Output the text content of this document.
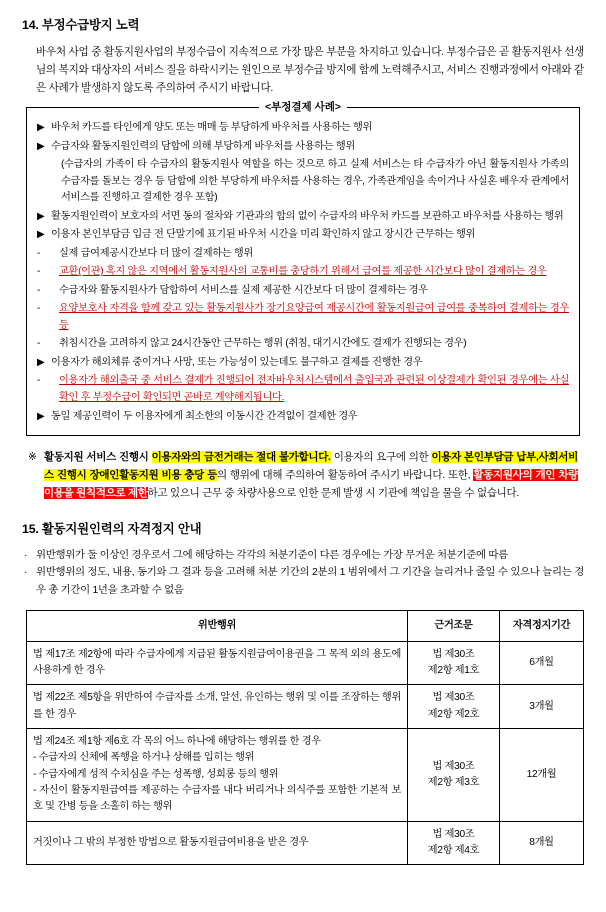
14. 부정수급방지 노력

바우처 사업 중 활동지원사업의 부정수급이 지속적으로 가장 많은 부분을 차지하고 있습니다. 부정수급은 곧 활동지원사 선생님의 복지와 대상자의 서비스 질을 하락시키는 원인으로 부정수급 방지에 함께 노력해주시고, 서비스 진행과정에서 아래와 같은 사례가 발생하지 않도록 주의하여 주시기 바랍니다.

<부정결제 사례>
▶ 바우처 카드를 타인에게 양도 또는 매매 등 부당하게 바우처를 사용하는 행위
▶ 수급자와 활동지원인력의 담합에 의해 부당하게 바우처를 사용하는 행위
(수급자의 가족이 타 수급자의 활동지원사 역할을 하는 것으로 하고 실제 서비스는 타 수급자가 아닌 활동지원사 가족의 수급자를 돌보는 경우 등 담합에 의한 부당하게 바우처를 사용하는 경우, 가족관계임을 속이거나 사실혼 배우자 관계에서 서비스를 진행하고 결제한 경우 포함)
▶ 활동지원인력이 보호자의 서면 동의 절차와 기관과의 합의 없이 수급자의 바우처 카드를 보관하고 바우처를 사용하는 행위
▶ 이용자 본인부담금 입금 전 단말기에 표기된 바우처 시간을 미리 확인하지 않고 장시간 근무하는 행위
- 실제 급여제공시간보다 더 많이 결제하는 행위
- 교환(이관) 혹지 않은 지역에서 활동지원사의 교통비를 충당하기 위해서 급여를 제공한 시간보다 많이 결제하는 경우
- 수급자와 활동지원사가 담합하여 서비스를 실제 제공한 시간보다 더 많이 결제하는 경우
- 요양보호사 자격을 함께 갖고 있는 활동지원사가 장기요양급여 제공시간에 활동지원급여 급여를 중복하여 결제하는 경우 등
- 취침시간을 고려하지 않고 24시간동안 근무하는 행위 (취침, 대기시간에도 결제가 진행되는 경우)
▶ 이용자가 해외체류 중이거나 사망, 또는 가능성이 있는데도 불구하고 결제를 진행한 경우
- 이용자가 해외출국 중 서비스 결제가 진행되어 전자바우처시스템에서 출입국과 관련된 이상결제가 확인된 경우에는 사실확인 후 부정수급이 확인되면 곧바로 계약해지됩니다.
▶ 동일 제공인력이 두 이용자에게 최소한의 이동시간 간격없이 결제한 경우

※ 활동지원 서비스 진행시 이용자와의 금전거래는 절대 불가합니다. 이용자의 요구에 의한 이용자 본인부담금 납부,사회서비스 진행시 장애인활동지원 비용 충당 등의 행위에 대해 주의하여 활동하여 주시기 바랍니다. 또한, 활동지원사의 개인 차량이용을 원칙적으로 제한하고 있으니 근무 중 차량사용으로 인한 문제 발생 시 기관에 책임을 물을 수 없습니다.

15. 활동지원인력의 자격정지 안내
· 위반행위가 둘 이상인 경우로서 그에 해당하는 각각의 처분기준이 다른 경우에는 가장 무거운 처분기준에 따름
· 위반행위의 정도, 내용, 동기와 그 결과 등을 고려해 처분 기간의 2분의 1 범위에서 그 기간을 늘리거나 줄일 수 있으나 늘리는 경우 총 기간이 1년을 초과할 수 없음
위반행위	근거조문	자격정지기간
법 제17조 제2항에 따라 수급자에게 지급된 활동지원급여이용권을 그 목적 외의 용도에 사용하게 한 경우	법 제30조
제2항 제1호	6개월
법 제22조 제5항을 위반하여 수급자를 소개, 알선, 유인하는 행위 및 이를 조장하는 행위를 한 경우	법 제30조
제2항 제2호	3개월

법 제24조 제1항 제6호 각 목의 어느 하나에 해당하는 행위를 한 경우
- 수급자의 신체에 폭행을 하거나 상해를 입히는 행위
- 수급자에게 성적 수치심을 주는 성폭행, 성희롱 등의 행위
- 자신이 활동지원급여를 제공하는 수급자를 내다 버리거나 의식주를 포함한 기본적 보호 및 간병 등을 소홀히 하는 행위	법 제30조
제2항 제3호	12개월
거짓이나 그 밖의 부정한 방법으로 활동지원급여비용을 받은 경우	법 제30조
제2항 제4호	8개월
